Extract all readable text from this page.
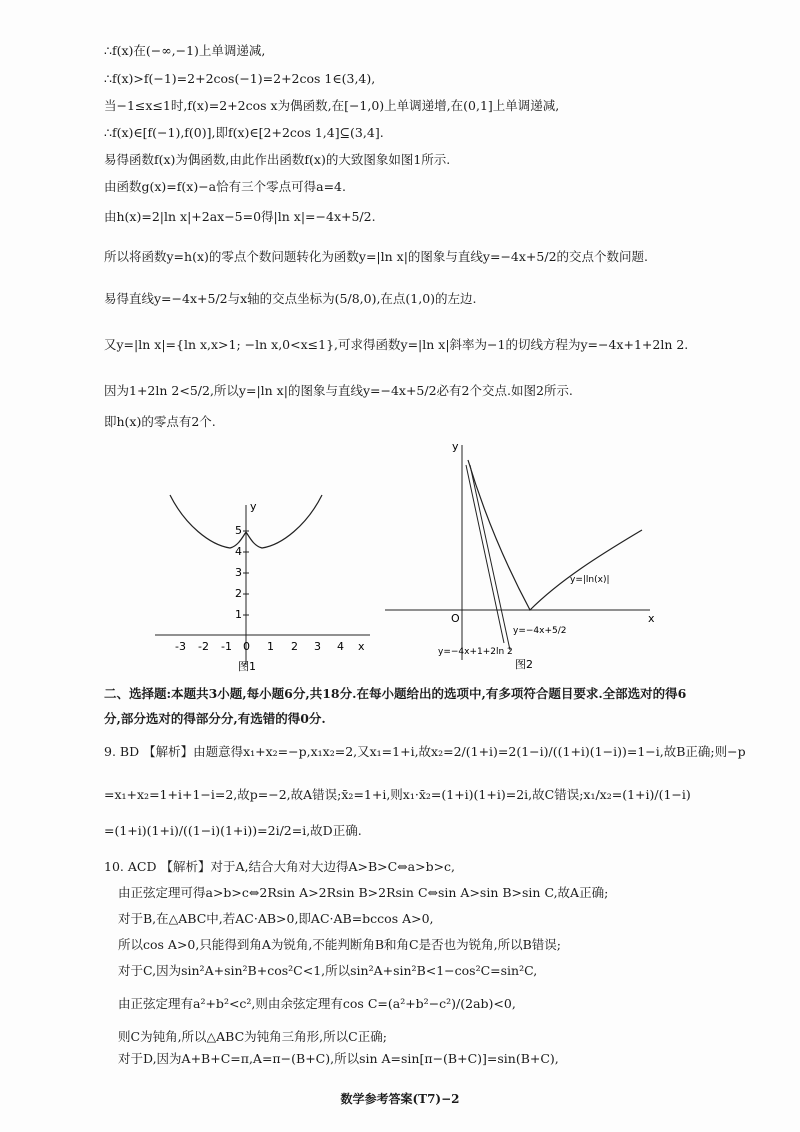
∴f(x)在(−∞,−1)上单调递减,
∴f(x)>f(−1)=2+2cos(−1)=2+2cos 1∈(3,4),
当−1≤x≤1时,f(x)=2+2cos x为偶函数,在[−1,0)上单调递增,在(0,1]上单调递减,
∴f(x)∈[f(−1),f(0)],即f(x)∈[2+2cos 1,4]⊆(3,4].
易得函数f(x)为偶函数,由此作出函数f(x)的大致图象如图1所示.
由函数g(x)=f(x)−a恰有三个零点可得a=4.
由h(x)=2|ln x|+2ax−5=0得|ln x|=−4x+5/2.
所以将函数y=h(x)的零点个数问题转化为函数y=|ln x|的图象与直线y=−4x+5/2的交点个数问题.
易得直线y=−4x+5/2与x轴的交点坐标为(5/8,0),在点(1,0)的左边.
又y=|ln x|={ln x,x>1; −ln x,0<x≤1},可求得函数y=|ln x|斜率为−1的切线方程为y=−4x+1+2ln 2.
因为1+2ln 2<5/2,所以y=|ln x|的图象与直线y=−4x+5/2必有2个交点.如图2所示.
即h(x)的零点有2个.
1
2
3
4
5
y
-3 -2 -1 0 1 2 3 4 x
图1
O
y
x
y=|ln(x)|
y=−4x+5/2
y=−4x+1+2ln 2
图2
二、选择题:本题共3小题,每小题6分,共18分.在每小题给出的选项中,有多项符合题目要求.全部选对的得6
分,部分选对的得部分分,有选错的得0分.
9. BD 【解析】由题意得x₁+x₂=−p,x₁x₂=2,又x₁=1+i,故x₂=2/(1+i)=2(1−i)/((1+i)(1−i))=1−i,故B正确;则−p
=x₁+x₂=1+i+1−i=2,故p=−2,故A错误;x̄₂=1+i,则x₁·x̄₂=(1+i)(1+i)=2i,故C错误;x₁/x₂=(1+i)/(1−i)
=(1+i)(1+i)/((1−i)(1+i))=2i/2=i,故D正确.
10. ACD 【解析】对于A,结合大角对大边得A>B>C⇔a>b>c,
由正弦定理可得a>b>c⇔2Rsin A>2Rsin B>2Rsin C⇔sin A>sin B>sin C,故A正确;
对于B,在△ABC中,若AC·AB>0,即AC·AB=bccos A>0,
所以cos A>0,只能得到角A为锐角,不能判断角B和角C是否也为锐角,所以B错误;
对于C,因为sin²A+sin²B+cos²C<1,所以sin²A+sin²B<1−cos²C=sin²C,
由正弦定理有a²+b²<c²,则由余弦定理有cos C=(a²+b²−c²)/(2ab)<0,
则C为钝角,所以△ABC为钝角三角形,所以C正确;
对于D,因为A+B+C=π,A=π−(B+C),所以sin A=sin[π−(B+C)]=sin(B+C),
数学参考答案(T7)−2
